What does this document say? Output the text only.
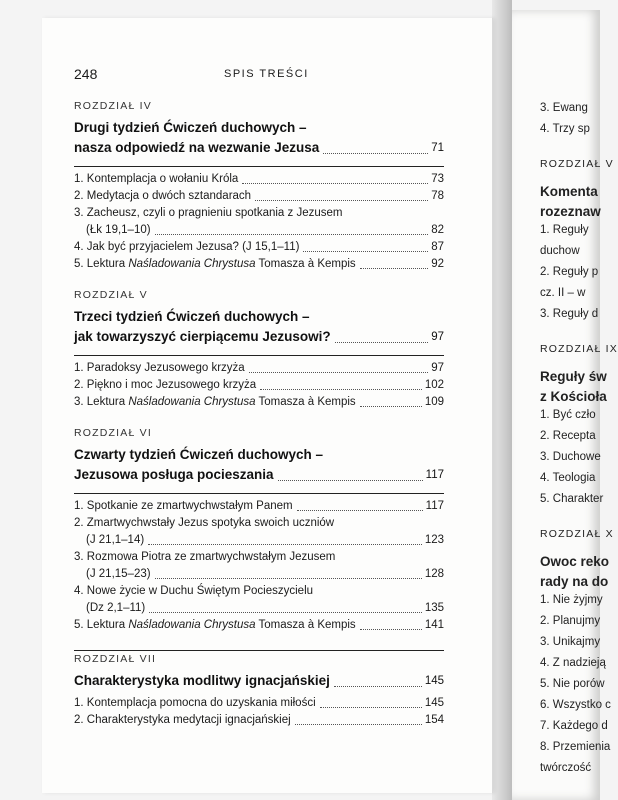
248	SPIS TREŚCI
ROZDZIAŁ IV
Drugi tydzień Ćwiczeń duchowych –
nasza odpowiedź na wezwanie Jezusa	71
1. Kontemplacja o wołaniu Króla	73
2. Medytacja o dwóch sztandarach	78
3. Zacheusz, czyli o pragnieniu spotkania z Jezusem
(Łk 19,1–10)	82
4. Jak być przyjacielem Jezusa? (J 15,1–11)	87
5. Lektura Naśladowania Chrystusa Tomasza à Kempis	92
ROZDZIAŁ V
Trzeci tydzień Ćwiczeń duchowych –
jak towarzyszyć cierpiącemu Jezusowi?	97
1. Paradoksy Jezusowego krzyża	97
2. Piękno i moc Jezusowego krzyża	102
3. Lektura Naśladowania Chrystusa Tomasza à Kempis	109
ROZDZIAŁ VI
Czwarty tydzień Ćwiczeń duchowych –
Jezusowa posługa pocieszania	117
1. Spotkanie ze zmartwychwstałym Panem	117
2. Zmartwychwstały Jezus spotyka swoich uczniów
(J 21,1–14)	123
3. Rozmowa Piotra ze zmartwychwstałym Jezusem
(J 21,15–23)	128
4. Nowe życie w Duchu Świętym Pocieszycielu
(Dz 2,1–11)	135
5. Lektura Naśladowania Chrystusa Tomasza à Kempis	141
ROZDZIAŁ VII
Charakterystyka modlitwy ignacjańskiej	145
1. Kontemplacja pomocna do uzyskania miłości	145
2. Charakterystyka medytacji ignacjańskiej	154
3. Ewang
4. Trzy sp
ROZDZIAŁ V
Komenta
rozeznaw
1. Reguły
duchow
2. Reguły p
cz. II – w
3. Reguły d
ROZDZIAŁ IX
Reguły św
z Kościoła
1. Być czło
2. Recepta
3. Duchowe
4. Teologia
5. Charakter
ROZDZIAŁ X
Owoc reko
rady na do
1. Nie żyjmy
2. Planujmy
3. Unikajmy
4. Z nadzieją
5. Nie porów
6. Wszystko c
7. Każdego d
8. Przemienia
twórczość
